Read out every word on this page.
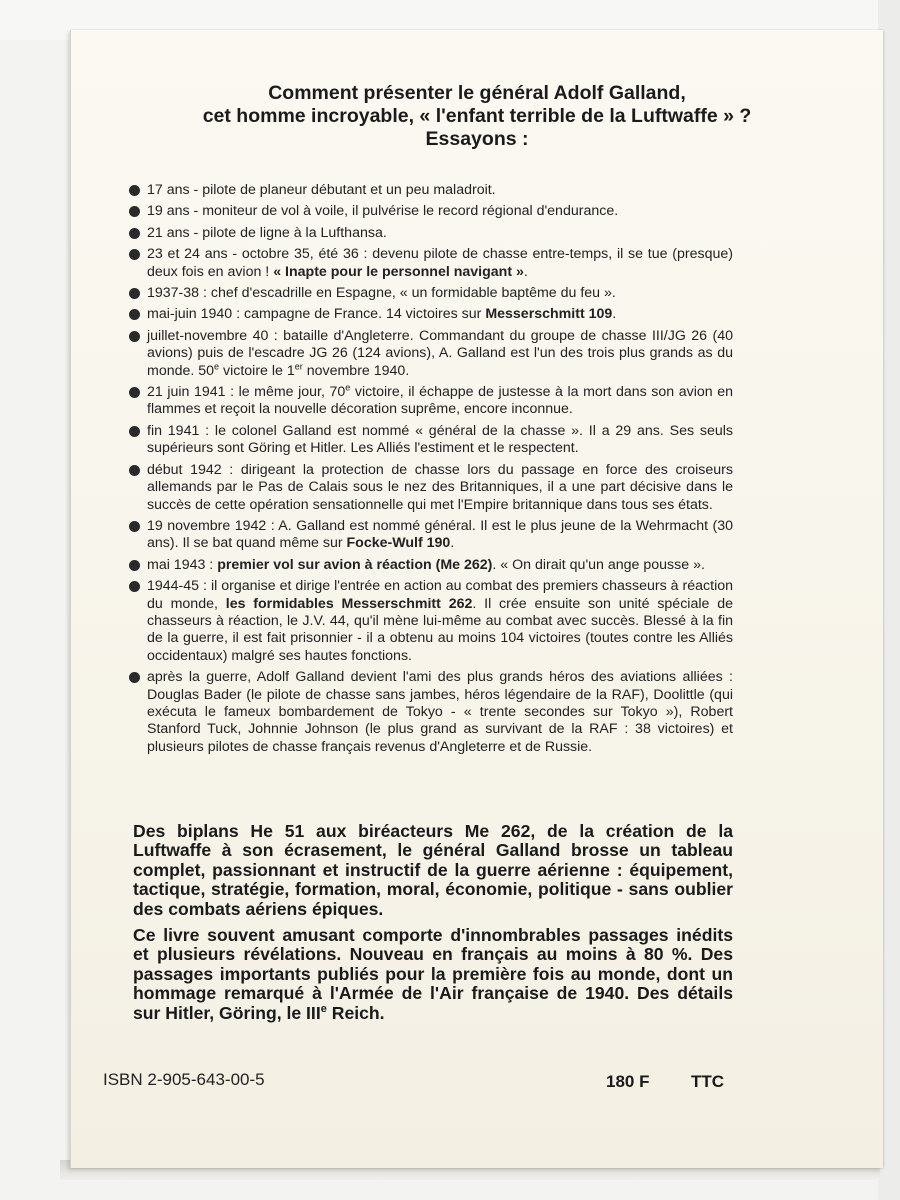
Comment présenter le général Adolf Galland,
cet homme incroyable, « l'enfant terrible de la Luftwaffe » ?
Essayons :
17 ans - pilote de planeur débutant et un peu maladroit.
19 ans - moniteur de vol à voile, il pulvérise le record régional d'endurance.
21 ans - pilote de ligne à la Lufthansa.
23 et 24 ans - octobre 35, été 36 : devenu pilote de chasse entre-temps, il se tue (presque) deux fois en avion ! « Inapte pour le personnel navigant ».
1937-38 : chef d'escadrille en Espagne, « un formidable baptême du feu ».
mai-juin 1940 : campagne de France. 14 victoires sur Messerschmitt 109.
juillet-novembre 40 : bataille d'Angleterre. Commandant du groupe de chasse III/JG 26 (40 avions) puis de l'escadre JG 26 (124 avions), A. Galland est l'un des trois plus grands as du monde. 50e victoire le 1er novembre 1940.
21 juin 1941 : le même jour, 70e victoire, il échappe de justesse à la mort dans son avion en flammes et reçoit la nouvelle décoration suprême, encore inconnue.
fin 1941 : le colonel Galland est nommé « général de la chasse ». Il a 29 ans. Ses seuls supérieurs sont Göring et Hitler. Les Alliés l'estiment et le respectent.
début 1942 : dirigeant la protection de chasse lors du passage en force des croiseurs allemands par le Pas de Calais sous le nez des Britanniques, il a une part décisive dans le succès de cette opération sensationnelle qui met l'Empire britannique dans tous ses états.
19 novembre 1942 : A. Galland est nommé général. Il est le plus jeune de la Wehrmacht (30 ans). Il se bat quand même sur Focke-Wulf 190.
mai 1943 : premier vol sur avion à réaction (Me 262). « On dirait qu'un ange pousse ».
1944-45 : il organise et dirige l'entrée en action au combat des premiers chasseurs à réaction du monde, les formidables Messerschmitt 262. Il crée ensuite son unité spéciale de chasseurs à réaction, le J.V. 44, qu'il mène lui-même au combat avec succès. Blessé à la fin de la guerre, il est fait prisonnier - il a obtenu au moins 104 victoires (toutes contre les Alliés occidentaux) malgré ses hautes fonctions.
après la guerre, Adolf Galland devient l'ami des plus grands héros des aviations alliées : Douglas Bader (le pilote de chasse sans jambes, héros légendaire de la RAF), Doolittle (qui exécuta le fameux bombardement de Tokyo - « trente secondes sur Tokyo »), Robert Stanford Tuck, Johnnie Johnson (le plus grand as survivant de la RAF : 38 victoires) et plusieurs pilotes de chasse français revenus d'Angleterre et de Russie.
Des biplans He 51 aux biréacteurs Me 262, de la création de la Luftwaffe à son écrasement, le général Galland brosse un tableau complet, passionnant et instructif de la guerre aérienne : équipement, tactique, stratégie, formation, moral, économie, politique - sans oublier des combats aériens épiques.
Ce livre souvent amusant comporte d'innombrables passages inédits et plusieurs révélations. Nouveau en français au moins à 80 %. Des passages importants publiés pour la première fois au monde, dont un hommage remarqué à l'Armée de l'Air française de 1940. Des détails sur Hitler, Göring, le IIIe Reich.
ISBN 2-905-643-00-5	180 F TTC
